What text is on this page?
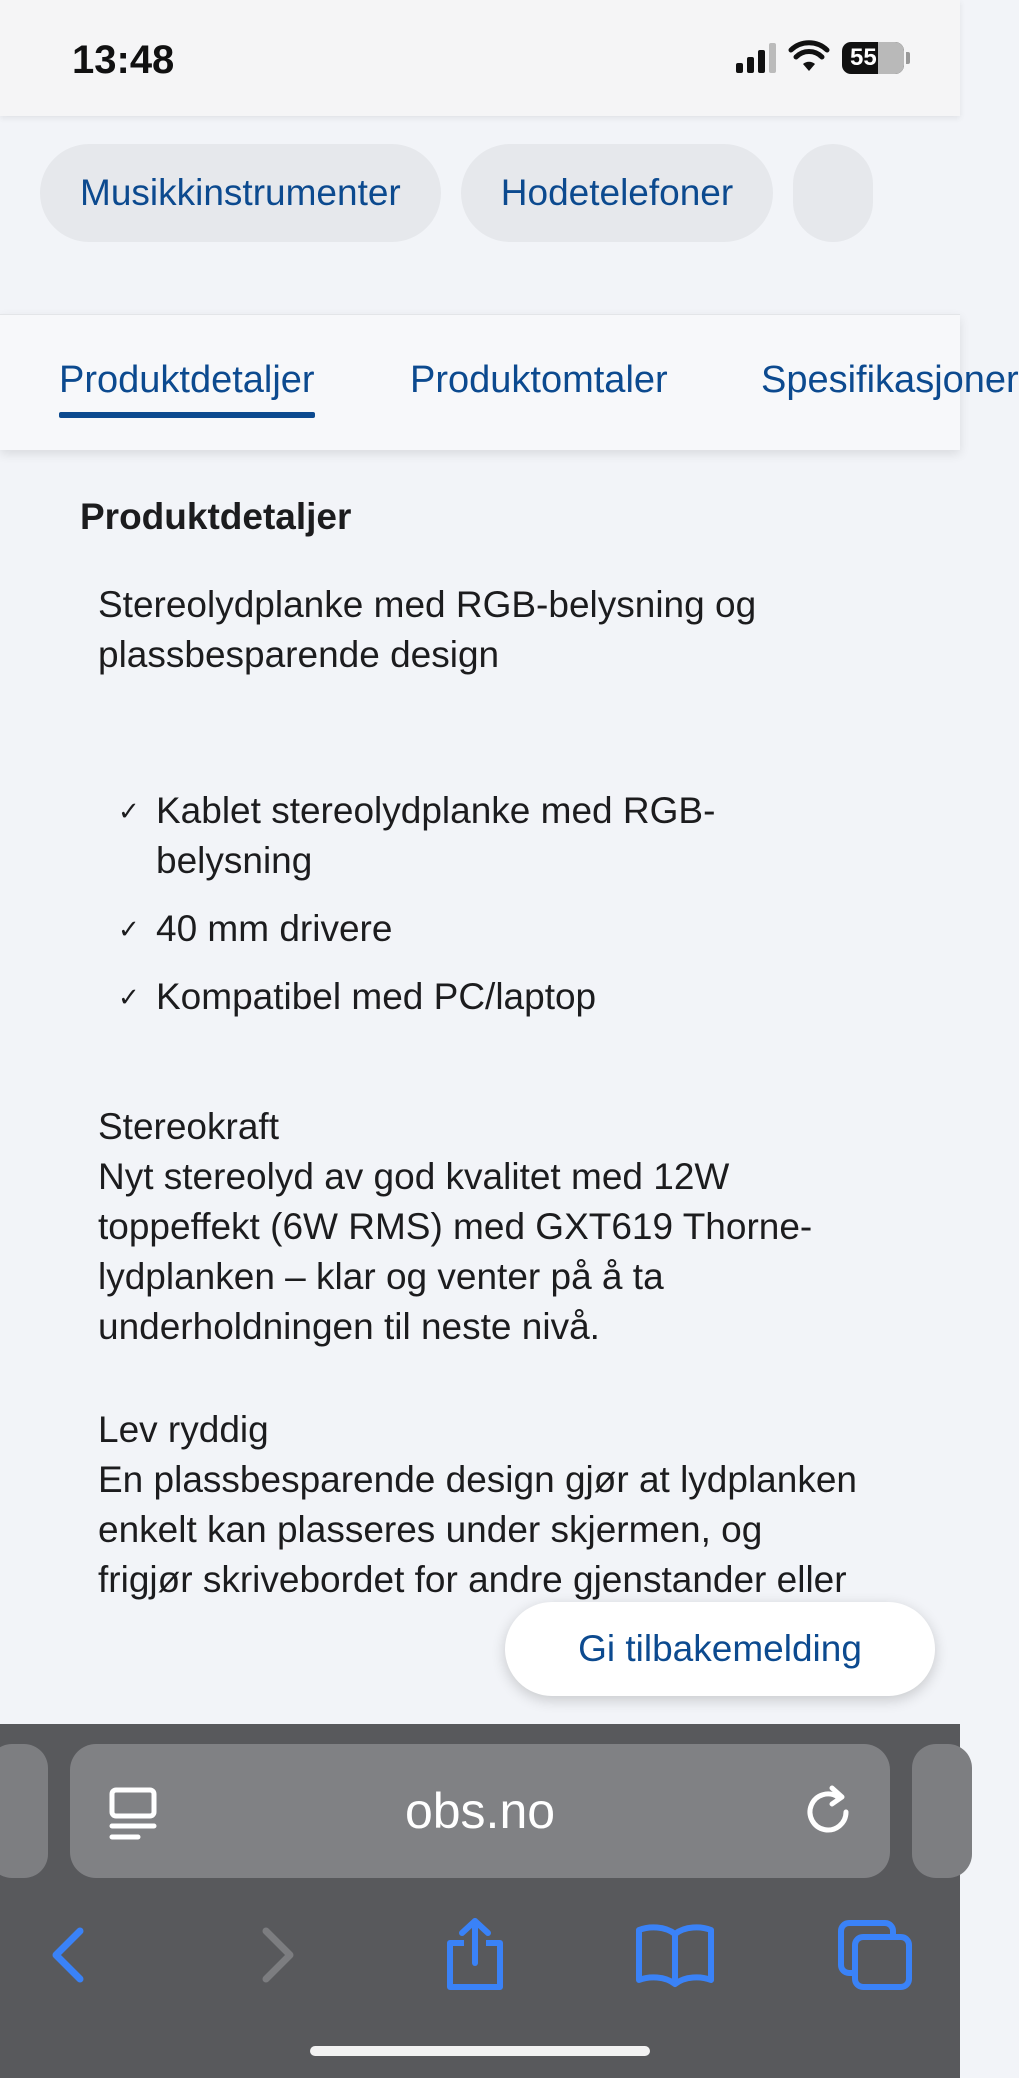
13:48	55
Musikkinstrumenter	Hodetelefoner
Produktdetaljer	Produktomtaler Spesifikasjoner
Produktdetaljer
Stereolydplanke med RGB-belysning og plassbesparende design
✓ Kablet stereolydplanke med RGB-belysning
✓ 40 mm drivere
✓ Kompatibel med PC/laptop
Stereokraft
Nyt stereolyd av god kvalitet med 12W toppeffekt (6W RMS) med GXT619 Thorne-lydplanken – klar og venter på å ta underholdningen til neste nivå.
Lev ryddig
En plassbesparende design gjør at lydplanken enkelt kan plasseres under skjermen, og frigjør skrivebordet for andre gjenstander eller
Gi tilbakemelding
obs.no
